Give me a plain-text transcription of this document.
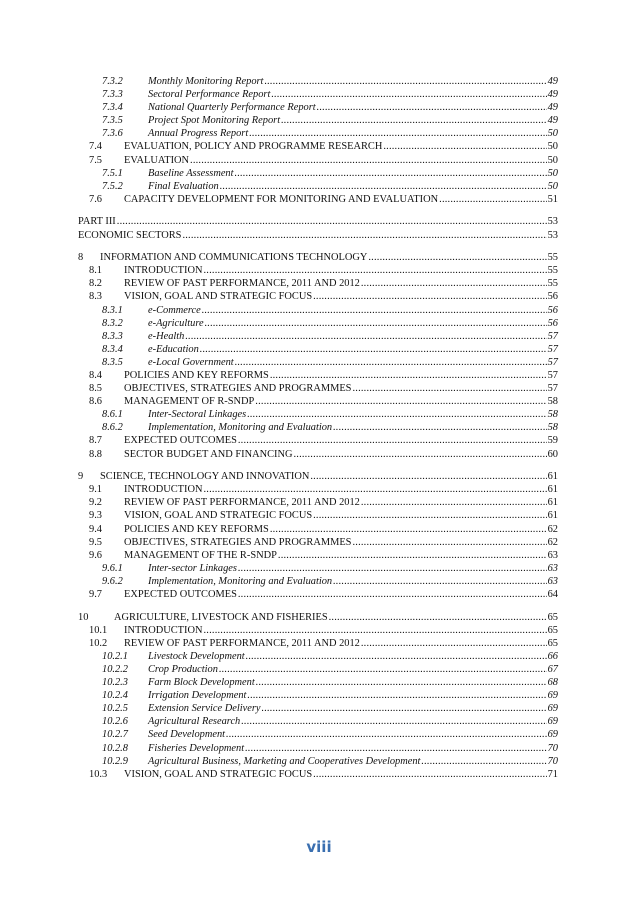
7.3.2	Monthly Monitoring Report .....	49
7.3.3	Sectoral Performance Report .....	49
7.3.4	National Quarterly Performance Report .....	49
7.3.5	Project Spot Monitoring Report .....	49
7.3.6	Annual Progress Report .....	50
7.4	EVALUATION, POLICY AND PROGRAMME RESEARCH .....	50
7.5	EVALUATION .....	50
7.5.1	Baseline Assessment .....	50
7.5.2	Final Evaluation .....	50
7.6	CAPACITY DEVELOPMENT FOR MONITORING AND EVALUATION .....	51
PART III .....	53
ECONOMIC SECTORS .....	53
8	INFORMATION AND COMMUNICATIONS TECHNOLOGY .....	55
8.1	INTRODUCTION .....	55
8.2	REVIEW OF PAST PERFORMANCE, 2011 AND 2012 .....	55
8.3	VISION, GOAL AND STRATEGIC FOCUS .....	56
8.3.1	e-Commerce .....	56
8.3.2	e-Agriculture .....	56
8.3.3	e-Health .....	57
8.3.4	e-Education .....	57
8.3.5	e-Local Government .....	57
8.4	POLICIES AND KEY REFORMS .....	57
8.5	OBJECTIVES, STRATEGIES AND PROGRAMMES .....	57
8.6	MANAGEMENT OF R-SNDP .....	58
8.6.1	Inter-Sectoral Linkages .....	58
8.6.2	Implementation, Monitoring and Evaluation .....	58
8.7	EXPECTED OUTCOMES .....	59
8.8	SECTOR BUDGET AND FINANCING .....	60
9	SCIENCE, TECHNOLOGY AND INNOVATION .....	61
9.1	INTRODUCTION .....	61
9.2	REVIEW OF PAST PERFORMANCE, 2011 AND 2012 .....	61
9.3	VISION, GOAL AND STRATEGIC FOCUS .....	61
9.4	POLICIES AND KEY REFORMS .....	62
9.5	OBJECTIVES, STRATEGIES AND PROGRAMMES .....	62
9.6	MANAGEMENT OF THE R-SNDP .....	63
9.6.1	Inter-sector Linkages .....	63
9.6.2	Implementation, Monitoring and Evaluation .....	63
9.7	EXPECTED OUTCOMES .....	64
10	AGRICULTURE, LIVESTOCK AND FISHERIES .....	65
10.1	INTRODUCTION .....	65
10.2	REVIEW OF PAST PERFORMANCE, 2011 AND 2012 .....	65
10.2.1	Livestock Development .....	66
10.2.2	Crop Production .....	67
10.2.3	Farm Block Development .....	68
10.2.4	Irrigation Development .....	69
10.2.5	Extension Service Delivery .....	69
10.2.6	Agricultural Research .....	69
10.2.7	Seed Development .....	69
10.2.8	Fisheries Development .....	70
10.2.9	Agricultural Business, Marketing and Cooperatives Development .....	70
10.3	VISION, GOAL AND STRATEGIC FOCUS .....	71
viii
